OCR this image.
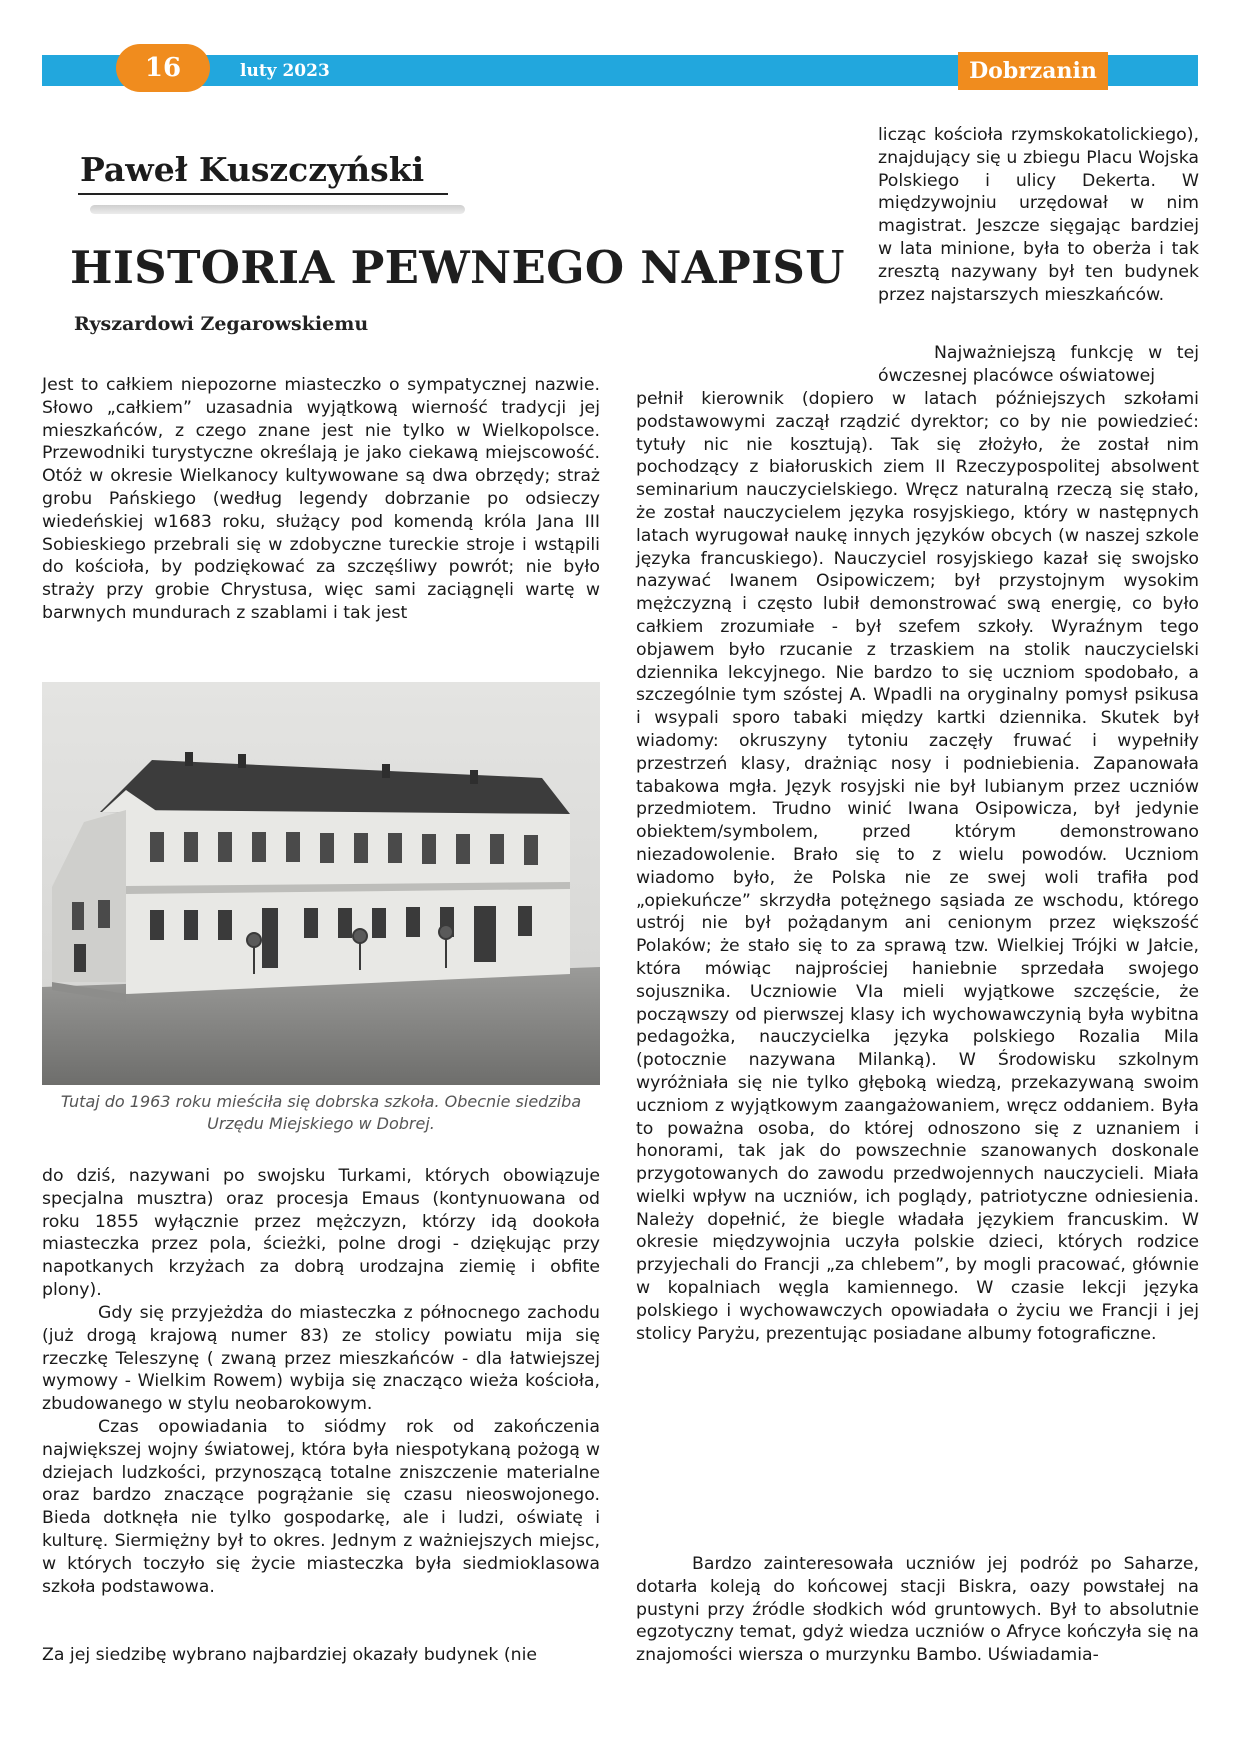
16	luty 2023	Dobrzanin
Paweł Kuszczyński
HISTORIA PEWNEGO NAPISU
Ryszardowi Zegarowskiemu

Jest to całkiem niepozorne miasteczko o sympatycznej nazwie. Słowo „całkiem” uzasadnia wyjątkową wierność tradycji jej mieszkańców, z czego znane jest nie tylko w Wielkopolsce. Przewodniki turystyczne określają je jako ciekawą miejscowość. Otóż w okresie Wielkanocy kultywowane są dwa obrzędy; straż grobu Pańskiego (według legendy dobrzanie po odsieczy wiedeńskiej w1683 roku, służący pod komendą króla Jana III Sobieskiego przebrali się w zdobyczne tureckie stroje i wstąpili do kościoła, by podziękować za szczęśliwy powrót; nie było straży przy grobie Chrystusa, więc sami zaciągnęli wartę w barwnych mundurach z szablami i tak jest

Tutaj do 1963 roku mieściła się dobrska szkoła. Obecnie siedziba Urzędu Miejskiego w Dobrej.

do dziś, nazywani po swojsku Turkami, których obowiązuje specjalna musztra) oraz procesja Emaus (kontynuowana od roku 1855 wyłącznie przez mężczyzn, którzy idą dookoła miasteczka przez pola, ścieżki, polne drogi - dziękując przy napotkanych krzyżach za dobrą urodzajna ziemię i obfite plony).

Gdy się przyjeżdża do miasteczka z północnego zachodu (już drogą krajową numer 83) ze stolicy powiatu mija się rzeczkę Teleszynę ( zwaną przez mieszkańców - dla łatwiejszej wymowy - Wielkim Rowem) wybija się znacząco wieża kościoła, zbudowanego w stylu neobarokowym.

Czas opowiadania to siódmy rok od zakończenia największej wojny światowej, która była niespotykaną pożogą w dziejach ludzkości, przynoszącą totalne zniszczenie materialne oraz bardzo znaczące pogrążanie się czasu nieoswojonego. Bieda dotknęła nie tylko gospodarkę, ale i ludzi, oświatę i kulturę. Siermiężny był to okres. Jednym z ważniejszych miejsc, w których toczyło się życie miasteczka była siedmioklasowa szkoła podstawowa.

Za jej siedzibę wybrano najbardziej okazały budynek (nie

licząc kościoła rzymskokatolickiego), znajdujący się u zbiegu Placu Wojska Polskiego i ulicy Dekerta. W międzywojniu urzędował w nim magistrat. Jeszcze sięgając bardziej w lata minione, była to oberża i tak zresztą nazywany był ten budynek przez najstarszych mieszkańców.

Najważniejszą funkcję w tej ówczesnej placówce oświatowej

pełnił kierownik (dopiero w latach późniejszych szkołami podstawowymi zaczął rządzić dyrektor; co by nie powiedzieć: tytuły nic nie kosztują). Tak się złożyło, że został nim pochodzący z białoruskich ziem II Rzeczypospolitej absolwent seminarium nauczycielskiego. Wręcz naturalną rzeczą się stało, że został nauczycielem języka rosyjskiego, który w następnych latach wyrugował naukę innych języków obcych (w naszej szkole języka francuskiego). Nauczyciel rosyjskiego kazał się swojsko nazywać Iwanem Osipowiczem; był przystojnym wysokim mężczyzną i często lubił demonstrować swą energię, co było całkiem zrozumiałe - był szefem szkoły. Wyraźnym tego objawem było rzucanie z trzaskiem na stolik nauczycielski dziennika lekcyjnego. Nie bardzo to się uczniom spodobało, a szczególnie tym szóstej A. Wpadli na oryginalny pomysł psikusa i wsypali sporo tabaki między kartki dziennika. Skutek był wiadomy: okruszyny tytoniu zaczęły fruwać i wypełniły przestrzeń klasy, drażniąc nosy i podniebienia. Zapanowała tabakowa mgła. Język rosyjski nie był lubianym przez uczniów przedmiotem. Trudno winić Iwana Osipowicza, był jedynie obiektem/symbolem, przed którym demonstrowano niezadowolenie. Brało się to z wielu powodów. Uczniom wiadomo było, że Polska nie ze swej woli trafiła pod „opiekuńcze” skrzydła potężnego sąsiada ze wschodu, którego ustrój nie był pożądanym ani cenionym przez większość Polaków; że stało się to za sprawą tzw. Wielkiej Trójki w Jałcie, która mówiąc najprościej haniebnie sprzedała swojego sojusznika. Uczniowie VIa mieli wyjątkowe szczęście, że począwszy od pierwszej klasy ich wychowawczynią była wybitna pedagożka, nauczycielka języka polskiego Rozalia Mila (potocznie nazywana Milanką). W Środowisku szkolnym wyróżniała się nie tylko głęboką wiedzą, przekazywaną swoim uczniom z wyjątkowym zaangażowaniem, wręcz oddaniem. Była to poważna osoba, do której odnoszono się z uznaniem i honorami, tak jak do powszechnie szanowanych doskonale przygotowanych do zawodu przedwojennych nauczycieli. Miała wielki wpływ na uczniów, ich poglądy, patriotyczne odniesienia. Należy dopełnić, że biegle władała językiem francuskim. W okresie międzywojnia uczyła polskie dzieci, których rodzice przyjechali do Francji „za chlebem”, by mogli pracować, głównie w kopalniach węgla kamiennego. W czasie lekcji języka polskiego i wychowawczych opowiadała o życiu we Francji i jej stolicy Paryżu, prezentując posiadane albumy fotograficzne.

Bardzo zainteresowała uczniów jej podróż po Saharze, dotarła koleją do końcowej stacji Biskra, oazy powstałej na pustyni przy źródle słodkich wód gruntowych. Był to absolutnie egzotyczny temat, gdyż wiedza uczniów o Afryce kończyła się na znajomości wiersza o murzynku Bambo. Uświadamia-
